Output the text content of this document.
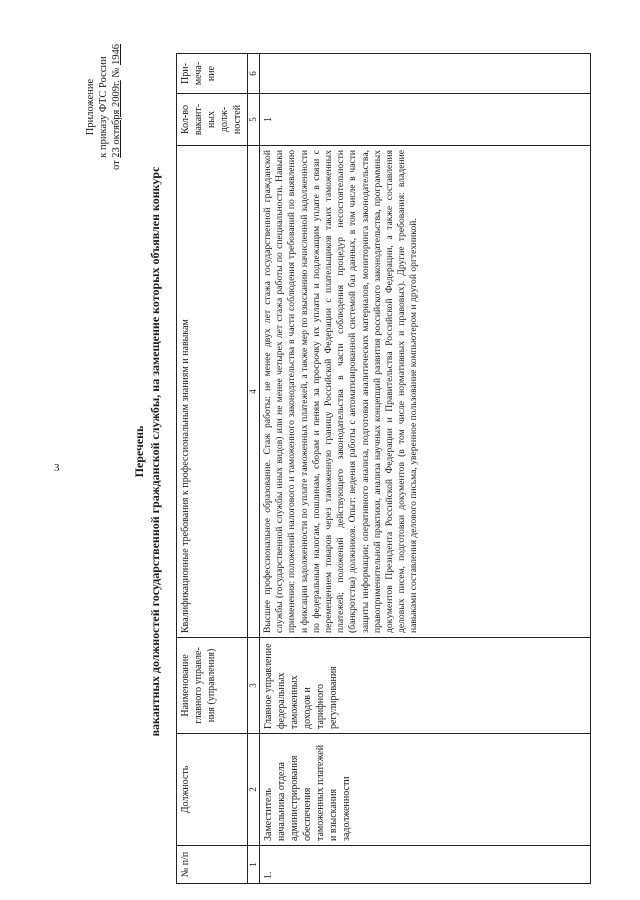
3
Приложение к приказу ФТС России
от 23 октября 2009г. № 1946
Перечень вакантных должностей государственной гражданской службы, на замещение которых объявлен конкурс
№ п/п	Должность	Наименование главного управле-ния (управления)	Квалификационные требования к профессиональным знаниям и навыкам	Кол-во вакант-ных долж-ностей	При-меча-ние
1	2	3	4	5	6
1.	Заместитель начальника отдела администрирования обеспечения таможенных платежей и взыскания задолженности	Главное управление федеральных таможенных доходов и тарифного регулирования	Высшее профессиональное образование. Стаж работы: не менее двух лет стажа государственной гражданской службы (государственной службы иных видов) или не менее четырех лет стажа работы по специальности. Навыки применения: положений налогового и таможенного законодательства в части соблюдения требований по выявлению и фиксации задолженности по уплате таможенных платежей, а также мер по взысканию начисленной задолженности по федеральным налогам, пошлинам, сборам и пеням за просрочку их уплаты и подлежащим уплате в связи с перемещением товаров через таможенную границу Российской Федерации с плательщиков таких таможенных платежей; положений действующего законодательства в части соблюдения процедур несостоятельности (банкротства) должников. Опыт: ведения работы с автоматизированной системой баз данных, в том числе в части защиты информации; оперативного анализа, подготовки аналитических материалов, мониторинга законодательства, правоприменительной практики, анализа научных концепций развития российского законодательства, программных документов Президента Российской Федерации и Правительства Российской Федерации, а также составления деловых писем, подготовки документов (в том числе нормативных и правовых). Другие требования: владение навыками составления делового письма, уверенное пользование компьютером и другой оргтехникой.	1	
